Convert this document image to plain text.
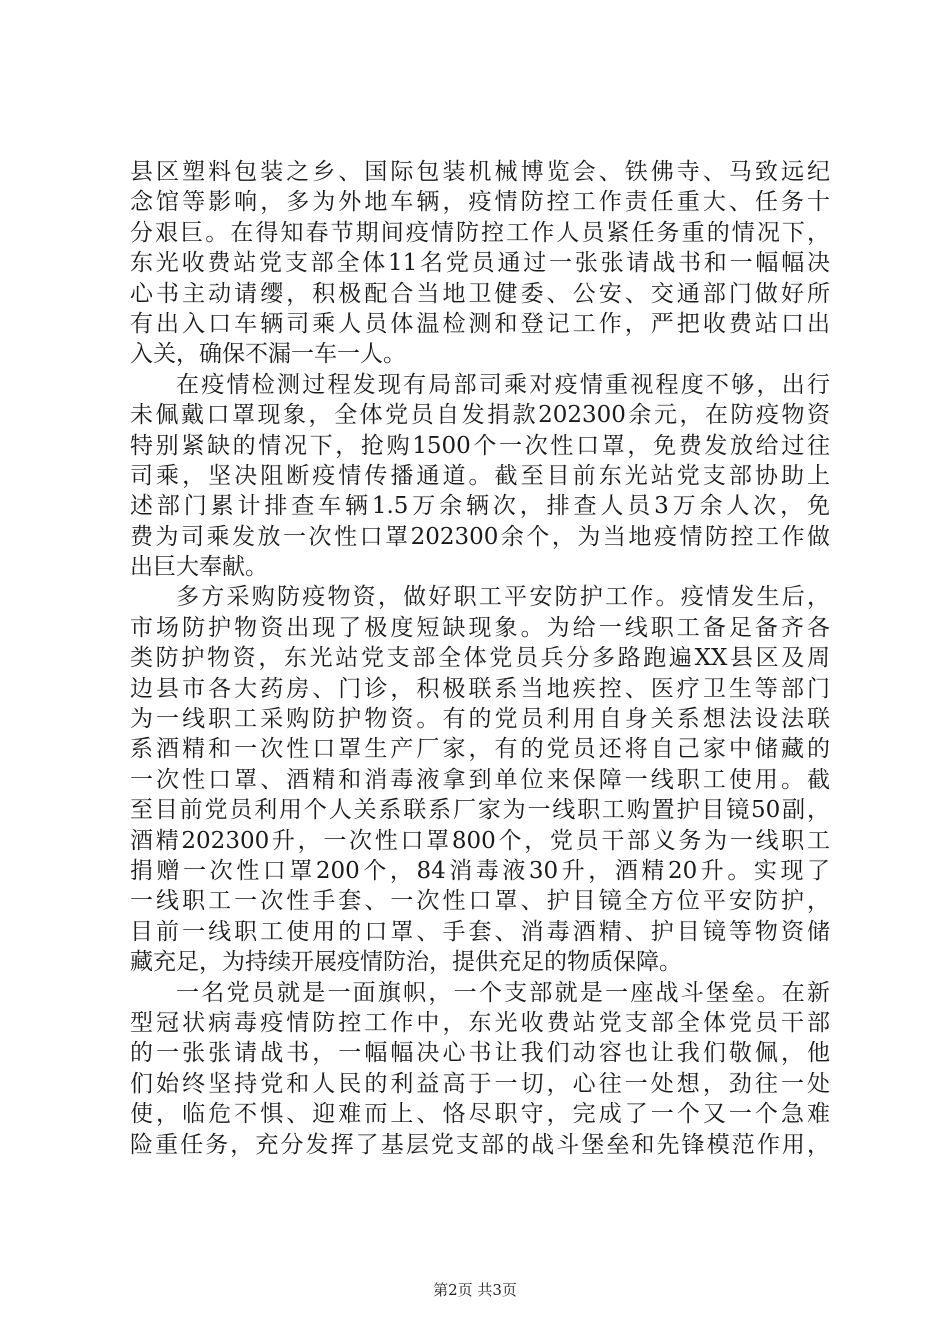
县区塑料包装之乡、国际包装机械博览会、铁佛寺、马致远纪
念馆等影响，多为外地车辆，疫情防控工作责任重大、任务十
分艰巨。在得知春节期间疫情防控工作人员紧任务重的情况下，
东光收费站党支部全体11名党员通过一张张请战书和一幅幅决
心书主动请缨，积极配合当地卫健委、公安、交通部门做好所
有出入口车辆司乘人员体温检测和登记工作，严把收费站口出
入关，确保不漏一车一人。
在疫情检测过程发现有局部司乘对疫情重视程度不够，出行
未佩戴口罩现象，全体党员自发捐款202300余元，在防疫物资
特别紧缺的情况下，抢购1500个一次性口罩，免费发放给过往
司乘，坚决阻断疫情传播通道。截至目前东光站党支部协助上
述部门累计排查车辆1.5万余辆次，排查人员3万余人次，免
费为司乘发放一次性口罩202300余个，为当地疫情防控工作做
出巨大奉献。
多方采购防疫物资，做好职工平安防护工作。疫情发生后，
市场防护物资出现了极度短缺现象。为给一线职工备足备齐各
类防护物资，东光站党支部全体党员兵分多路跑遍XX县区及周
边县市各大药房、门诊，积极联系当地疾控、医疗卫生等部门
为一线职工采购防护物资。有的党员利用自身关系想法设法联
系酒精和一次性口罩生产厂家，有的党员还将自己家中储藏的
一次性口罩、酒精和消毒液拿到单位来保障一线职工使用。截
至目前党员利用个人关系联系厂家为一线职工购置护目镜50副，
酒精202300升，一次性口罩800个，党员干部义务为一线职工
捐赠一次性口罩200个，84消毒液30升，酒精20升。实现了
一线职工一次性手套、一次性口罩、护目镜全方位平安防护，
目前一线职工使用的口罩、手套、消毒酒精、护目镜等物资储
藏充足，为持续开展疫情防治，提供充足的物质保障。
一名党员就是一面旗帜，一个支部就是一座战斗堡垒。在新
型冠状病毒疫情防控工作中，东光收费站党支部全体党员干部
的一张张请战书，一幅幅决心书让我们动容也让我们敬佩，他
们始终坚持党和人民的利益高于一切，心往一处想，劲往一处
使，临危不惧、迎难而上、恪尽职守，完成了一个又一个急难
险重任务，充分发挥了基层党支部的战斗堡垒和先锋模范作用，
第2页 共3页
